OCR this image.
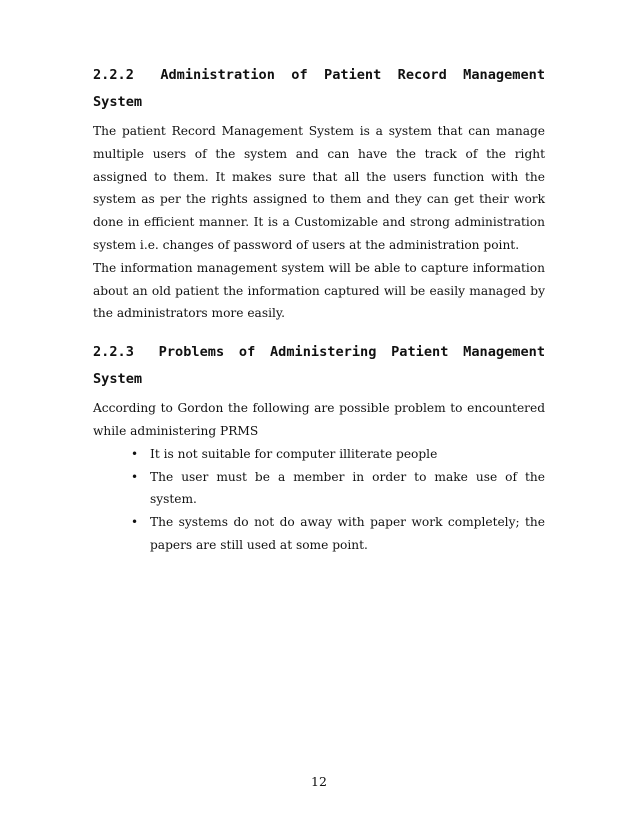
2.2.2 Administration of Patient Record Management System

The patient Record Management System is a system that can manage multiple users of the system and can have the track of the right assigned to them. It makes sure that all the users function with the system as per the rights assigned to them and they can get their work done in efficient manner. It is a Customizable and strong administration system i.e. changes of password of users at the administration point.

The information management system will be able to capture information about an old patient the information captured will be easily managed by the administrators more easily.

2.2.3 Problems of Administering Patient Management System

According to Gordon the following are possible problem to encountered while administering PRMS

• It is not suitable for computer illiterate people
• The user must be a member in order to make use of the system.
• The systems do not do away with paper work completely; the papers are still used at some point.
12
